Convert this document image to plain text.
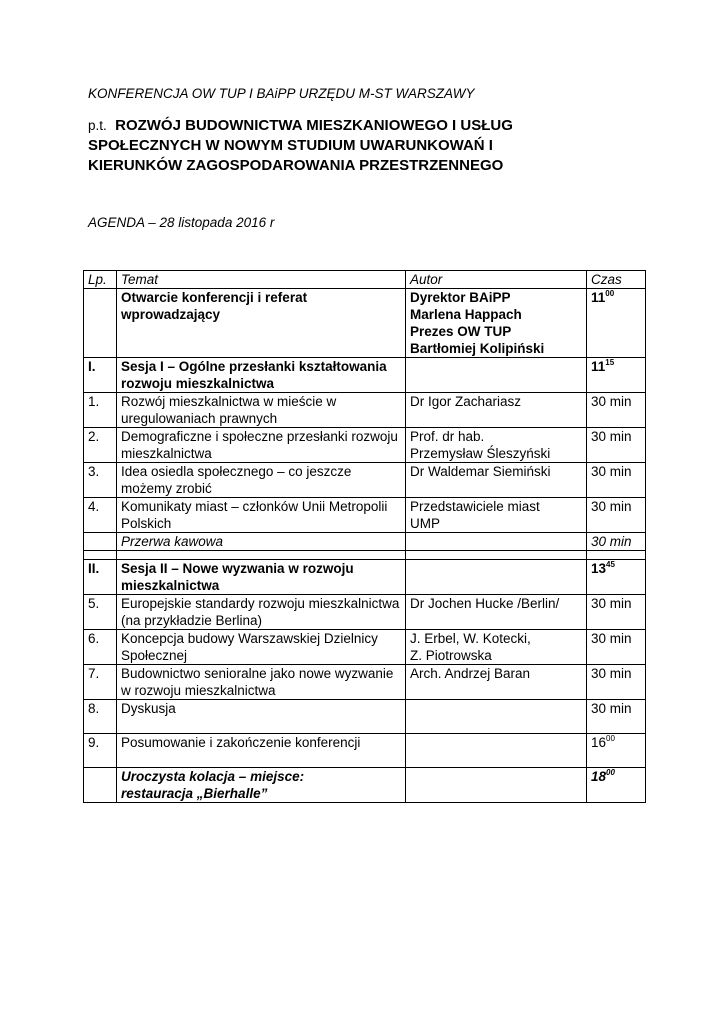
KONFERENCJA OW TUP I BAiPP URZĘDU M-ST WARSZAWY
p.t. ROZWÓJ BUDOWNICTWA MIESZKANIOWEGO I USŁUG
SPOŁECZNYCH W NOWYM STUDIUM UWARUNKOWAŃ I
KIERUNKÓW ZAGOSPODAROWANIA PRZESTRZENNEGO
AGENDA – 28 listopada 2016 r
Lp.	Temat	Autor	Czas
	Otwarcie konferencji i referat wprowadzający	Dyrektor BAiPP
Marlena Happach
Prezes OW TUP
Bartłomiej Kolipiński	$11^{00}$
I.	Sesja I – Ogólne przesłanki kształtowania rozwoju mieszkalnictwa		$11^{15}$
1.	Rozwój mieszkalnictwa w mieście w uregulowaniach prawnych	Dr Igor Zachariasz	30 min
2.	Demograficzne i społeczne przesłanki rozwoju mieszkalnictwa	Prof. dr hab.
Przemysław Śleszyński	30 min
3.	Idea osiedla społecznego – co jeszcze możemy zrobić	Dr Waldemar Siemiński	30 min
4.	Komunikaty miast – członków Unii Metropolii Polskich	Przedstawiciele miast
UMP	30 min
	Przerwa kawowa		30 min

II.	Sesja II – Nowe wyzwania w rozwoju mieszkalnictwa		$13^{45}$
5.	Europejskie standardy rozwoju mieszkalnictwa (na przykładzie Berlina)	Dr Jochen Hucke /Berlin/	30 min
6.	Koncepcja budowy Warszawskiej Dzielnicy Społecznej	J. Erbel, W. Kotecki,
Z. Piotrowska	30 min
7.	Budownictwo senioralne jako nowe wyzwanie w rozwoju mieszkalnictwa	Arch. Andrzej Baran	30 min
8.	Dyskusja		30 min
9.	Posumowanie i zakończenie konferencji		$16^{00}$

	Uroczysta kolacja – miejsce:
restauracja „Bierhalle”		$18^{00}$
